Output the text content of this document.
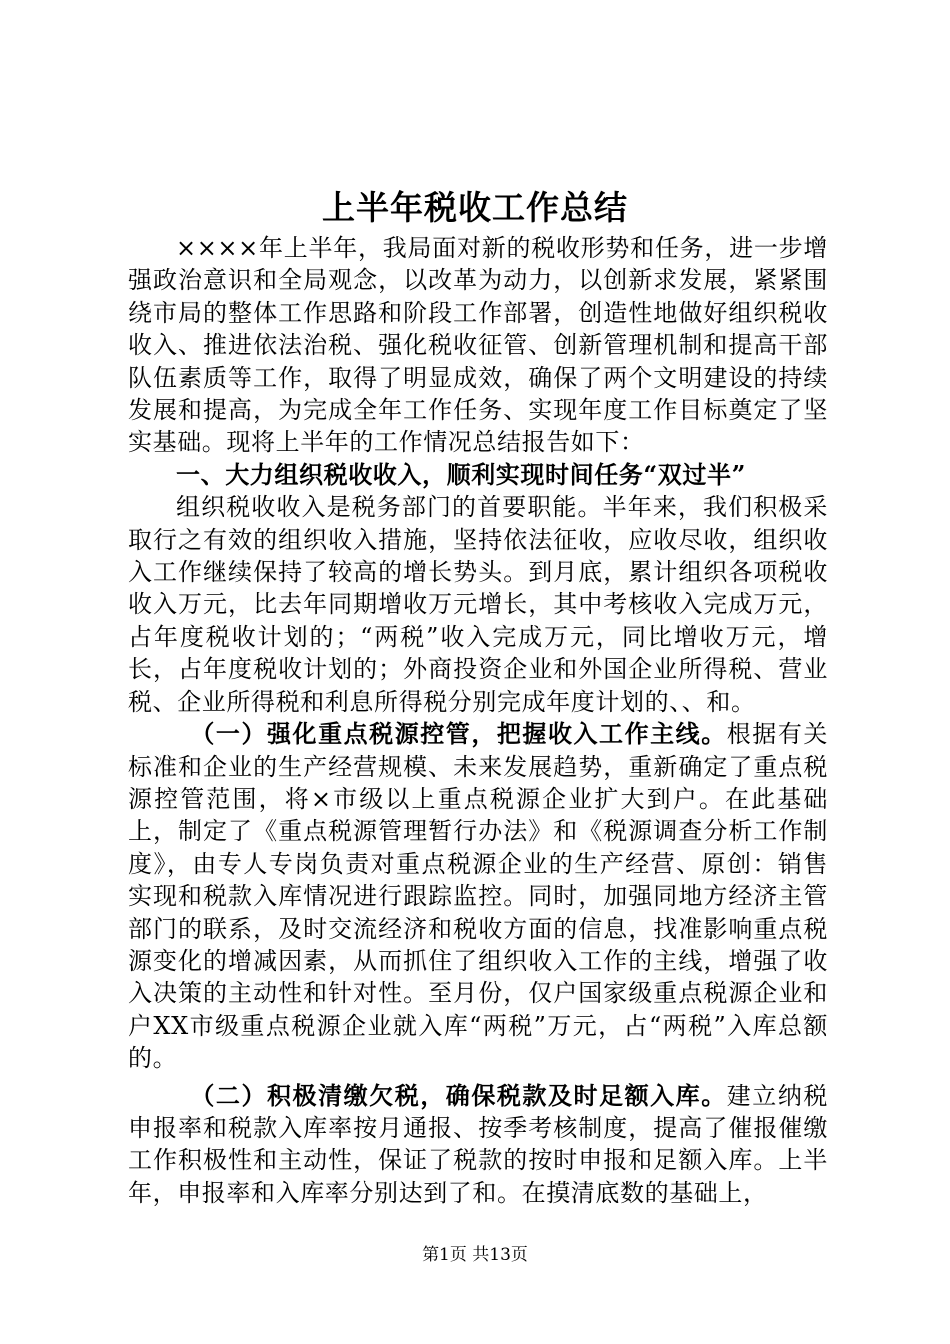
上半年税收工作总结

××××年上半年，我局面对新的税收形势和任务，进一步增强政治意识和全局观念，以改革为动力，以创新求发展，紧紧围绕市局的整体工作思路和阶段工作部署，创造性地做好组织税收收入、推进依法治税、强化税收征管、创新管理机制和提高干部队伍素质等工作，取得了明显成效，确保了两个文明建设的持续发展和提高，为完成全年工作任务、实现年度工作目标奠定了坚实基础。现将上半年的工作情况总结报告如下：

一、大力组织税收收入，顺利实现时间任务“双过半”

组织税收收入是税务部门的首要职能。半年来，我们积极采取行之有效的组织收入措施，坚持依法征收，应收尽收，组织收入工作继续保持了较高的增长势头。到月底，累计组织各项税收收入万元，比去年同期增收万元增长，其中考核收入完成万元，占年度税收计划的；“两税”收入完成万元，同比增收万元，增长，占年度税收计划的；外商投资企业和外国企业所得税、营业税、企业所得税和利息所得税分别完成年度计划的、、和。

（一）强化重点税源控管，把握收入工作主线。根据有关标准和企业的生产经营规模、未来发展趋势，重新确定了重点税源控管范围，将×市级以上重点税源企业扩大到户。在此基础上，制定了《重点税源管理暂行办法》和《税源调查分析工作制度》，由专人专岗负责对重点税源企业的生产经营、原创：销售实现和税款入库情况进行跟踪监控。同时，加强同地方经济主管部门的联系，及时交流经济和税收方面的信息，找准影响重点税源变化的增减因素，从而抓住了组织收入工作的主线，增强了收入决策的主动性和针对性。至月份，仅户国家级重点税源企业和户XX市级重点税源企业就入库“两税”万元，占“两税”入库总额的。

（二）积极清缴欠税，确保税款及时足额入库。建立纳税申报率和税款入库率按月通报、按季考核制度，提高了催报催缴工作积极性和主动性，保证了税款的按时申报和足额入库。上半年，申报率和入库率分别达到了和。在摸清底数的基础上，

第1页 共13页
